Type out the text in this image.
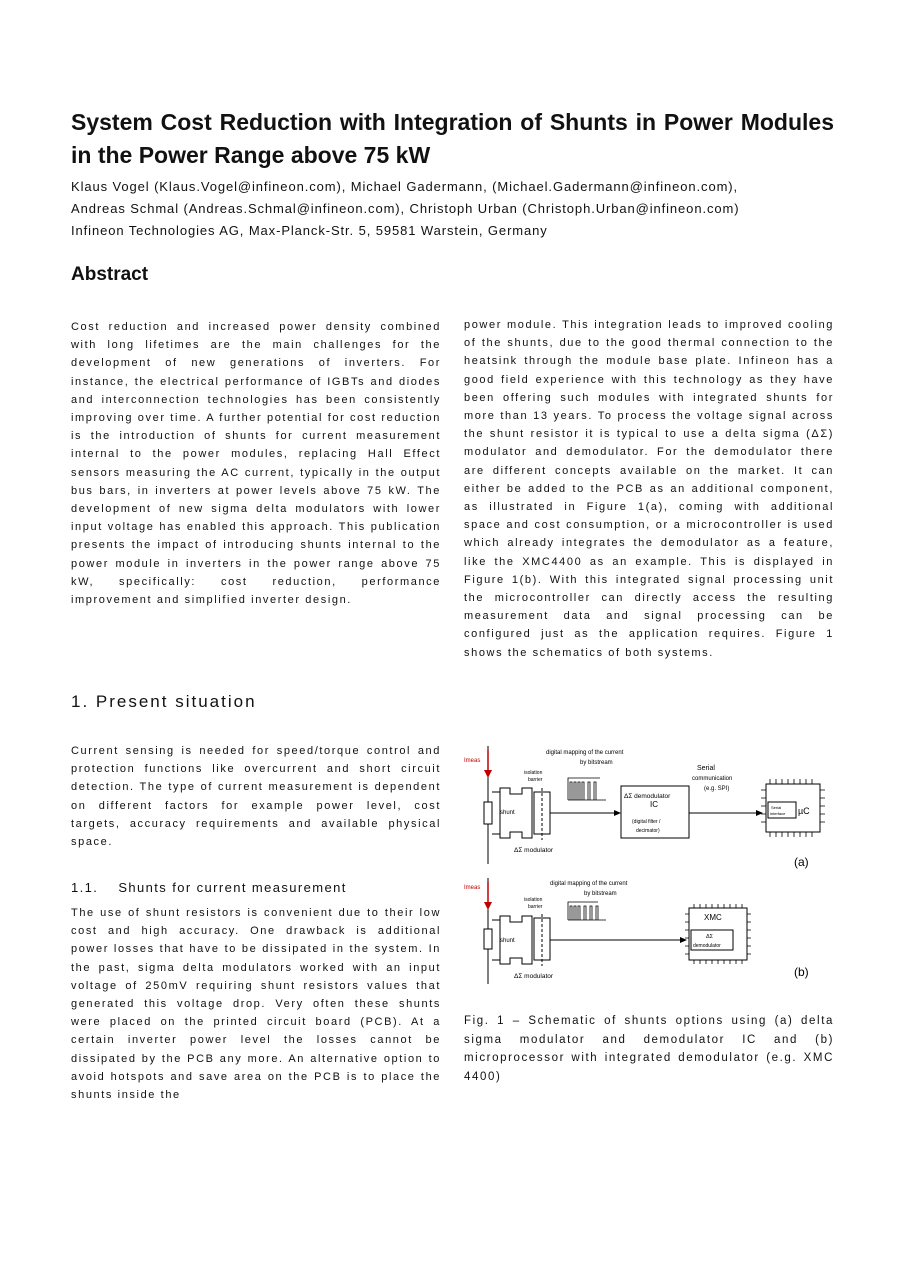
System Cost Reduction with Integration of Shunts in Power Modules in the Power Range above 75 kW
Klaus Vogel (Klaus.Vogel@infineon.com), Michael Gadermann, (Michael.Gadermann@infineon.com),
Andreas Schmal (Andreas.Schmal@infineon.com), Christoph Urban (Christoph.Urban@infineon.com)
Infineon Technologies AG, Max-Planck-Str. 5, 59581 Warstein, Germany
Abstract

Cost reduction and increased power density combined with long lifetimes are the main challenges for the development of new generations of inverters. For instance, the electrical performance of IGBTs and diodes and interconnection technologies has been consistently improving over time. A further potential for cost reduction is the introduction of shunts for current measurement internal to the power modules, replacing Hall Effect sensors measuring the AC current, typically in the output bus bars, in inverters at power levels above 75 kW. The development of new sigma delta modulators with lower input voltage has enabled this approach. This publication presents the impact of introducing shunts internal to the power module in inverters in the power range above 75 kW, specifically: cost reduction, performance improvement and simplified inverter design.

1. Present situation

Current sensing is needed for speed/torque control and protection functions like overcurrent and short circuit detection. The type of current measurement is dependent on different factors for example power level, cost targets, accuracy requirements and available physical space.

1.1.    Shunts for current measurement

The use of shunt resistors is convenient due to their low cost and high accuracy. One drawback is additional power losses that have to be dissipated in the system. In the past, sigma delta modulators worked with an input voltage of 250mV requiring shunt resistors values that generated this voltage drop. Very often these shunts were placed on the printed circuit board (PCB). At a certain inverter power level the losses cannot be dissipated by the PCB any more. An alternative option to avoid hotspots and save area on the PCB is to place the shunts inside the

power module. This integration leads to improved cooling of the shunts, due to the good thermal connection to the heatsink through the module base plate. Infineon has a good field experience with this technology as they have been offering such modules with integrated shunts for more than 13 years. To process the voltage signal across the shunt resistor it is typical to use a delta sigma (ΔΣ) modulator and demodulator. For the demodulator there are different concepts available on the market. It can either be added to the PCB as an additional component, as illustrated in Figure 1(a), coming with additional space and cost consumption, or a microcontroller is used which already integrates the demodulator as a feature, like the XMC4400 as an example. This is displayed in Figure 1(b). With this integrated signal processing unit the microcontroller can directly access the resulting measurement data and signal processing can be configured just as the application requires. Figure 1 shows the schematics of both systems.

Imeas
shunt
isolation
barrier
ΔΣ modulator
digital mapping of the current
by bitstream
ΔΣ demodulator
IC
(digital filter /
decimator)
Serial
communication
(e.g. SPI)
Serial
interface µC
(a)
Imeas
shunt
isolation
barrier
ΔΣ modulator
digital mapping of the current
by bitstream
XMC
ΔΣ
demodulator
(b)

Fig. 1 – Schematic of shunts options using (a) delta sigma modulator and demodulator IC and (b) microprocessor with integrated demodulator (e.g. XMC 4400)
